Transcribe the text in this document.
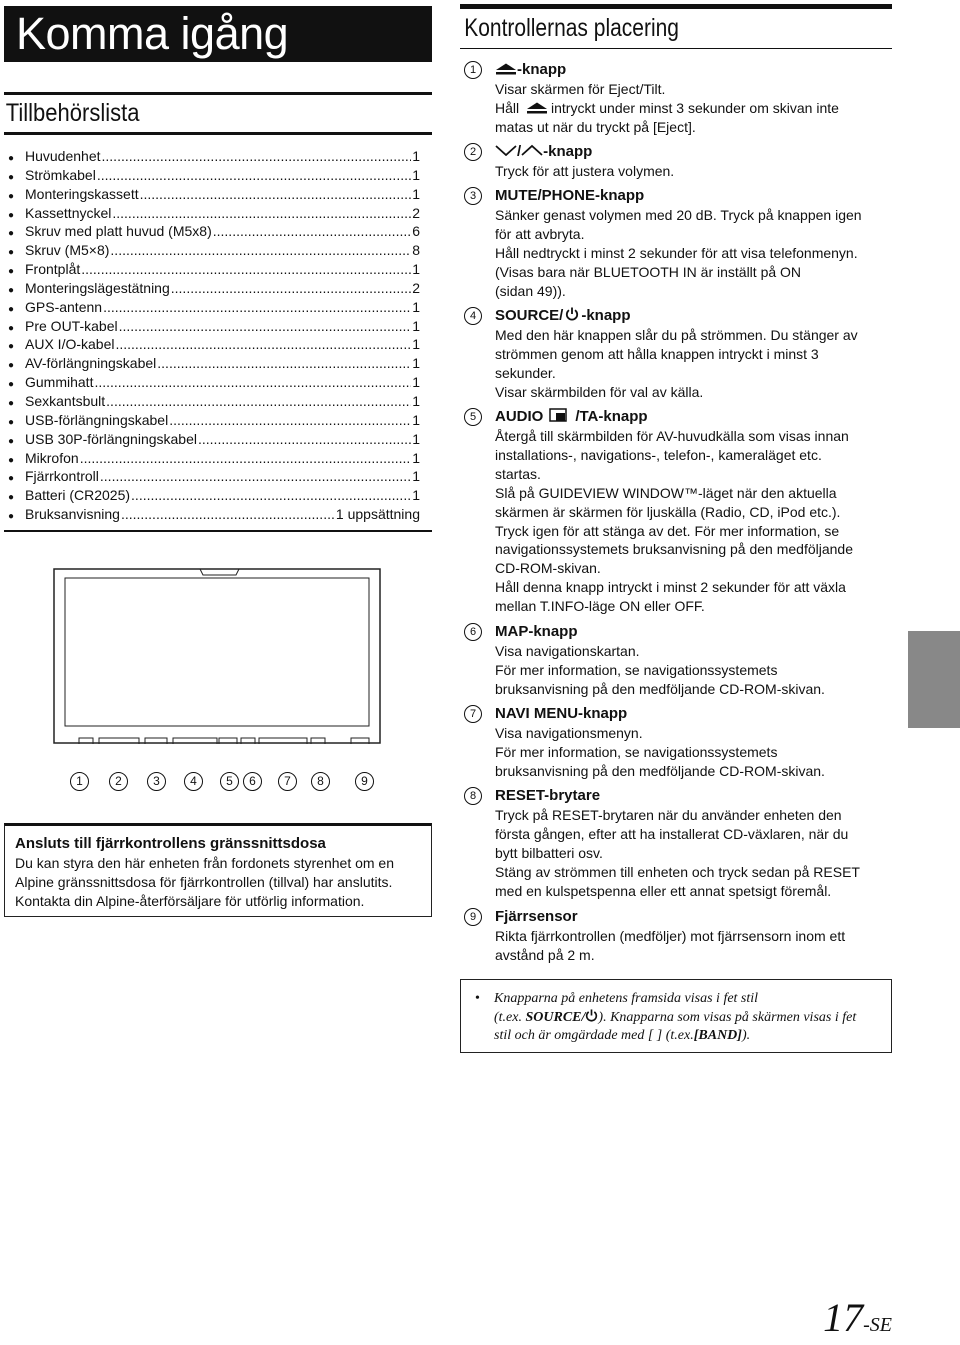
Komma igång
Tillbehörslista
● Huvudenhet .....	1
● Strömkabel .....	1
● Monteringskassett .....	1
● Kassettnyckel .....	2
● Skruv med platt huvud (M5x8) .....	6
● Skruv (M5×8) .....	8
● Frontplåt .....	1
● Monteringslägestätning .....	2
● GPS-antenn .....	1
● Pre OUT-kabel .....	1
● AUX I/O-kabel .....	1
● AV-förlängningskabel .....	1
● Gummihatt .....	1
● Sexkantsbult .....	1
● USB-förlängningskabel .....	1
● USB 30P-förlängningskabel .....	1
● Mikrofon .....	1
● Fjärrkontroll .....	1
● Batteri (CR2025) .....	1
● Bruksanvisning .....	1 uppsättning
1	2	3	4	5	6	7	8	9
Ansluts till fjärrkontrollens gränssnittsdosa
Du kan styra den här enheten från fordonets styrenhet om en
Alpine gränssnittsdosa för fjärrkontrollen (tillval) har anslutits.
Kontakta din Alpine-återförsäljare för utförlig information.
Kontrollernas placering
1	-knapp
Visar skärmen för Eject/Tilt.
Håll intryckt under minst 3 sekunder om skivan inte
matas ut när du tryckt på [Eject].
2	/ -knapp
Tryck för att justera volymen.
3	MUTE/PHONE-knapp
Sänker genast volymen med 20 dB. Tryck på knappen igen
för att avbryta.
Håll nedtryckt i minst 2 sekunder för att visa telefonmenyn.
(Visas bara när BLUETOOTH IN är inställt på ON
(sidan 49)).
4	SOURCE/ -knapp
Med den här knappen slår du på strömmen. Du stänger av
strömmen genom att hålla knappen intryckt i minst 3
sekunder.
Visar skärmbilden för val av källa.
5	AUDIO /TA-knapp
Återgå till skärmbilden för AV-huvudkälla som visas innan
installations-, navigations-, telefon-, kameraläget etc.
startas.
Slå på GUIDEVIEW WINDOW™-läget när den aktuella
skärmen är skärmen för ljuskälla (Radio, CD, iPod etc.).
Tryck igen för att stänga av det. För mer information, se
navigationssystemets bruksanvisning på den medföljande
CD-ROM-skivan.
Håll denna knapp intryckt i minst 2 sekunder för att växla
mellan T.INFO-läge ON eller OFF.
6	MAP-knapp
Visa navigationskartan.
För mer information, se navigationssystemets
bruksanvisning på den medföljande CD-ROM-skivan.
7	NAVI MENU-knapp
Visa navigationsmenyn.
För mer information, se navigationssystemets
bruksanvisning på den medföljande CD-ROM-skivan.
8	RESET-brytare
Tryck på RESET-brytaren när du använder enheten den
första gången, efter att ha installerat CD-växlaren, när du
bytt bilbatteri osv.
Stäng av strömmen till enheten och tryck sedan på RESET
med en kulspetspenna eller ett annat spetsigt föremål.
9	Fjärrsensor
Rikta fjärrkontrollen (medföljer) mot fjärrsensorn inom ett
avstånd på 2 m.
• Knapparna på enhetens framsida visas i fet stil
(t.ex. SOURCE/ ). Knapparna som visas på skärmen visas i fet
stil och är omgärdade med [ ] (t.ex.[BAND]).
17-SE
